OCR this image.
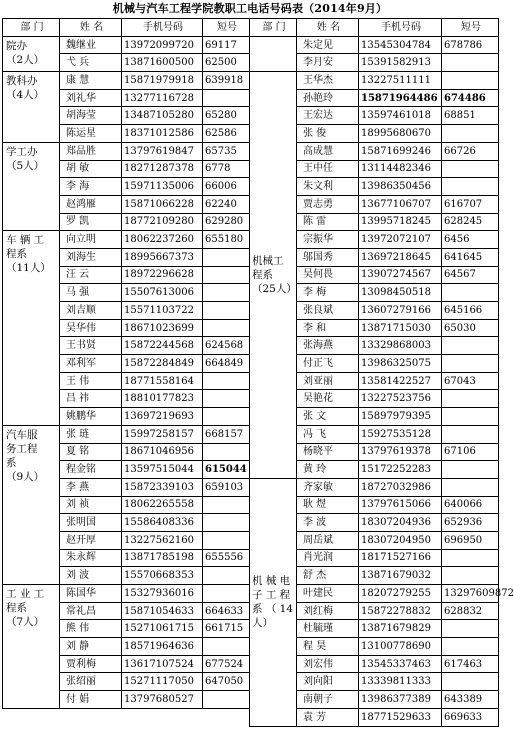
机械与汽车工程学院教职工电话号码表（2014年9月）
部 门	姓 名	手机号码	短号
院办
（2人）	魏继业	13972099720	69117
	弋 兵	13871600500	62500
教科办
（4人）	康 慧	15871979918	639918
	刘礼华	13277116728	
	胡海莹	13487105280	65280
	陈运星	18371012586	62586
学工办
（5人）	郑品胜	13797619847	65735
	胡 敏	18271287378	6778
	李 海	15971135006	66006
	赵鸿雁	15871066228	62240
	罗 凯	18772109280	629280
车 辆 工
程系
（11人）	向立明	18062237260	655180
	刘海生	18995667373	
	汪 云	18972296628	
	马 强	15507613006	
	刘吉顺	15571103722	
	吴华伟	18671023699	
	王书贤	15872244568	624568
	邓利军	15872284849	664849
	王 伟	18771558164	
	吕 祎	18810177823	
	姚鹏华	13697219693	
汽车服
务工程
系
（9人）	张 琏	15997258157	668157
	夏 铭	18671046956	
	程金铭	13597515044	615044
	李 燕	15872339103	659103
	刘 祯	18062265558	
	张明国	15586408336	
	赵开厚	13227562160	
	朱永辉	13871785198	655556
	刘 波	15570668353	
工 业 工
程系
（7人）	陈国华	15327936016	
	常礼昌	15871054633	664633
	熊 伟	15271061715	661715
	刘 静	18571964636	
	贾利梅	13617107524	677524
	张绍丽	15271117050	647050
	付 娟	13797680527	
部 门	姓 名	手机号码	短号
	朱定见	13545304784	678786
	李月安	15391582913	
机械工
程系
（25人）	王华杰	13227511111	
	孙艳玲	15871964486	674486
	王宏达	13597461018	68851
	张 俊	18995680670	
	高成慧	15871699246	66726
	王中任	13114482346	
	朱文利	13986350456	
	贾志勇	13677106707	616707
	陈 雷	13995718245	628245
	宗振华	13972072107	6456
	邬国秀	13697218645	641645
	吴何畏	13907274567	64567
	李 梅	13098450518	
	张良斌	13607279166	645166
	李 和	13871715030	65030
	张海燕	13329868003	
	付正飞	13986325075	
	刘亚丽	13581422527	67043
	吴艳花	13227523756	
	张 文	15897979395	
	冯 飞	15927535128	
	杨晓平	13797619378	67106
	黄 玲	15172252283	
机 械 电
子 工 程
系 （ 14
人）	齐家敏	18727032986	
	耿 煜	13797615066	640066
	李 波	18307204936	652936
	周岳斌	18307204950	696950
	肖光润	18171527166	
	舒 杰	13871679032	
	叶建民	18207279255	13297609872
	刘红梅	15872278832	628832
	杜毓瑾	13871679829	
	程 昊	13100778690	
	刘宏伟	13545337463	617463
	刘向阳	13339811333	
	南朝子	13986377389	643389
	袁 芳	18771529633	669633
